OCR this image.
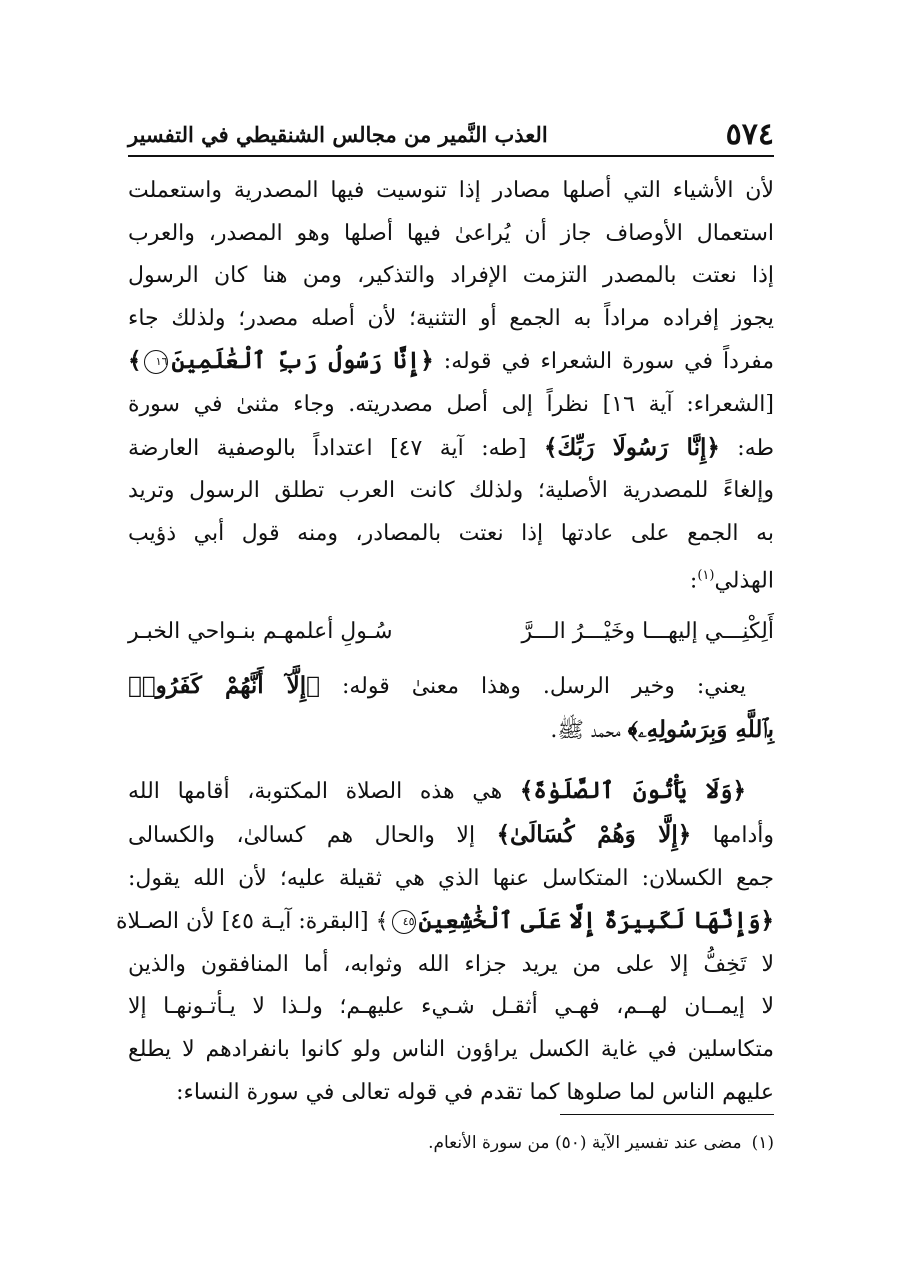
٥٧٤
العذب النَّمير من مجالس الشنقيطي في التفسير
لأن الأشياء التي أصلها مصادر إذا تنوسيت فيها المصدرية واستعملت
استعمال الأوصاف جاز أن يُراعىٰ فيها أصلها وهو المصدر، والعرب
إذا نعتت بالمصدر التزمت الإفراد والتذكير، ومن هنا كان الرسول
يجوز إفراده مراداً به الجمع أو التثنية؛ لأن أصله مصدر؛ ولذلك جاء
مفرداً في سورة الشعراء في قوله: ﴿إِنَّا رَسُولُ رَبِّ ٱلْعَٰلَمِينَ١٦﴾
[الشعراء: آية ١٦] نظراً إلى أصل مصدريته. وجاء مثنىٰ في سورة
طه: ﴿إِنَّا رَسُولَا رَبِّكَ﴾ [طه: آية ٤٧] اعتداداً بالوصفية العارضة
وإلغاءً للمصدرية الأصلية؛ ولذلك كانت العرب تطلق الرسول وتريد
به الجمع على عادتها إذا نعتت بالمصادر، ومنه قول أبي ذؤيب
الهذلي$^{(١)}$:
أَلِكْنِـــي إليهـــا وخَيْـــرُ الـــرَّ
سُـولِ أعلمهـم بنـواحي الخبـر
يعني: وخير الرسل. وهذا معنىٰ قوله: ﴿إِلَّآ أَنَّهُمْ كَفَرُوا۟
بِٱللَّهِ وَبِرَسُولِهِۦ﴾ محمد ﷺ.
﴿وَلَا يَأْتُونَ ٱلصَّلَوٰةَ﴾ هي هذه الصلاة المكتوبة، أقامها الله
وأدامها ﴿إِلَّا وَهُمْ كُسَالَىٰ﴾ إلا والحال هم كسالىٰ، والكسالى
جمع الكسلان: المتكاسل عنها الذي هي ثقيلة عليه؛ لأن الله يقول:
﴿وَإِنَّهَا لَكَبِيرَةٌ إِلَّا عَلَى ٱلْخَٰشِعِينَ٤٥﴾ [البقرة: آيـة ٤٥] لأن الصـلاة
لا تَخِفُّ إلا على من يريد جزاء الله وثوابه، أما المنافقون والذين
لا إيمــان لهــم، فهـي أثقـل شـيء عليهـم؛ ولـذا لا يـأتـونهـا إلا
متكاسلين في غاية الكسل يراؤون الناس ولو كانوا بانفرادهم لا يطلع
عليهم الناس لما صلوها كما تقدم في قوله تعالى في سورة النساء:
(١)مضى عند تفسير الآية (٥٠) من سورة الأنعام.
